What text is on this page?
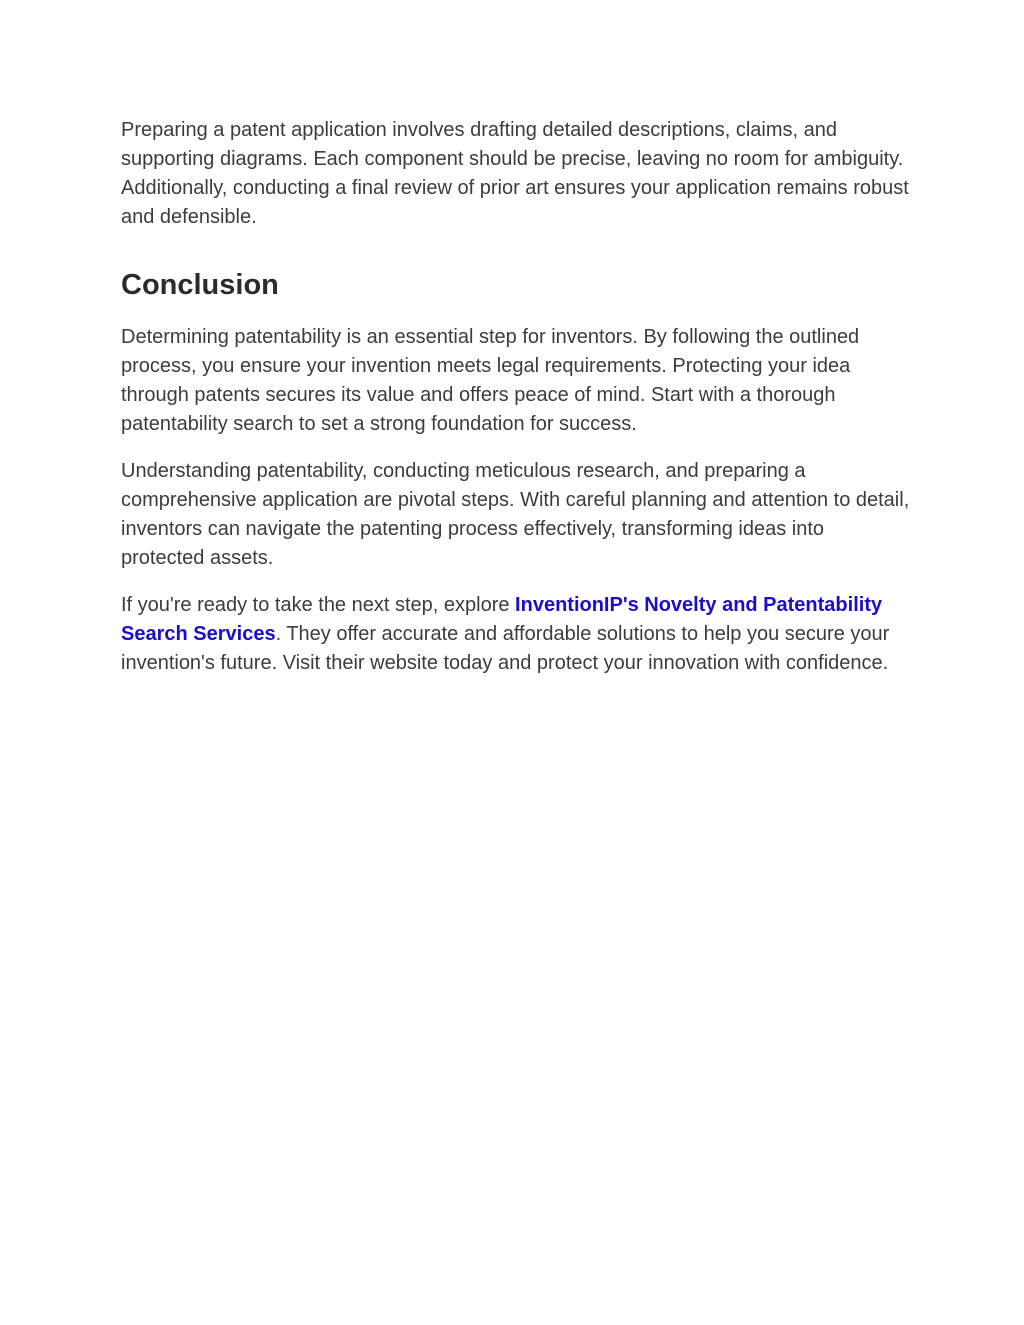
Preparing a patent application involves drafting detailed descriptions, claims, and supporting diagrams. Each component should be precise, leaving no room for ambiguity. Additionally, conducting a final review of prior art ensures your application remains robust and defensible.

Conclusion

Determining patentability is an essential step for inventors. By following the outlined process, you ensure your invention meets legal requirements. Protecting your idea through patents secures its value and offers peace of mind. Start with a thorough patentability search to set a strong foundation for success.

Understanding patentability, conducting meticulous research, and preparing a comprehensive application are pivotal steps. With careful planning and attention to detail, inventors can navigate the patenting process effectively, transforming ideas into protected assets.

If you're ready to take the next step, explore InventionIP's Novelty and Patentability Search Services. They offer accurate and affordable solutions to help you secure your invention's future. Visit their website today and protect your innovation with confidence.
